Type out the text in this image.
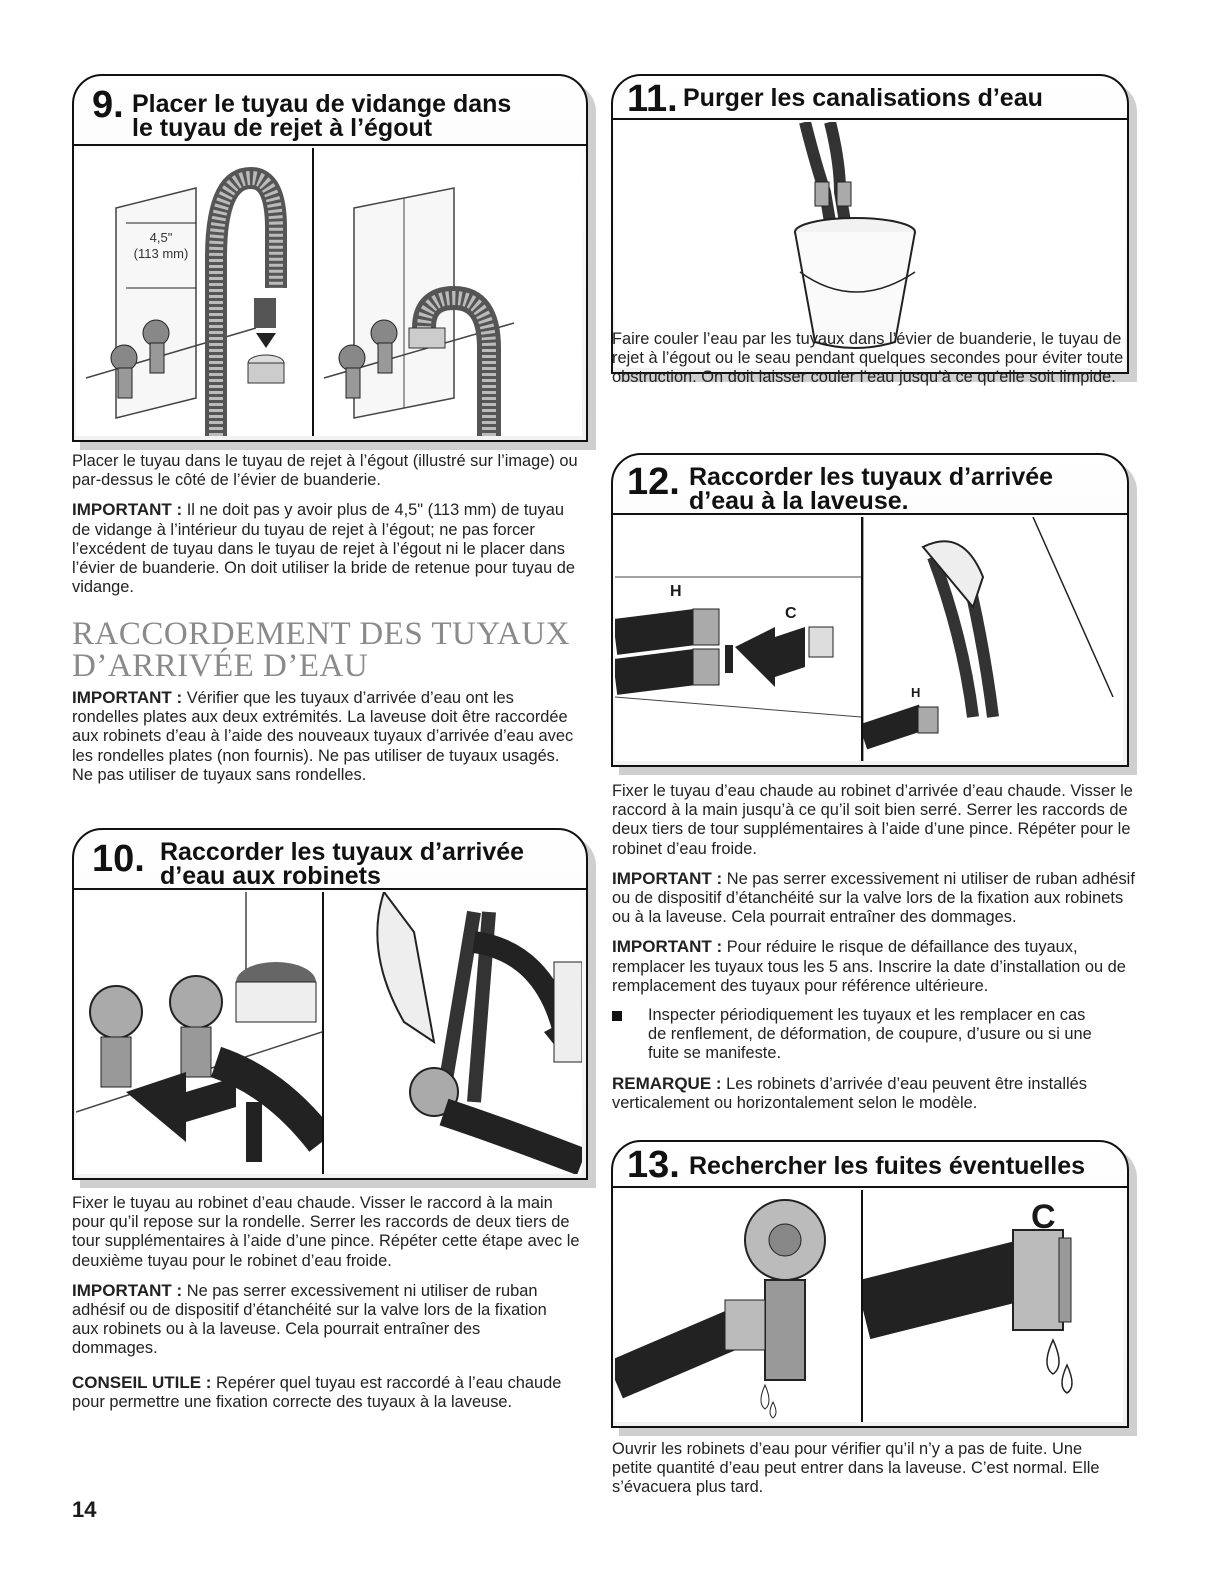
9. Placer le tuyau de vidange dans
le tuyau de rejet à l’égout
4,5"
(113 mm)

Placer le tuyau dans le tuyau de rejet à l’égout (illustré sur l’image) ou par-dessus le côté de l’évier de buanderie.

IMPORTANT : Il ne doit pas y avoir plus de 4,5" (113 mm) de tuyau de vidange à l’intérieur du tuyau de rejet à l’égout; ne pas forcer l’excédent de tuyau dans le tuyau de rejet à l’égout ni le placer dans l’évier de buanderie. On doit utiliser la bride de retenue pour tuyau de vidange.

RACCORDEMENT DES TUYAUX
D’ARRIVÉE D’EAU

IMPORTANT : Vérifier que les tuyaux d’arrivée d’eau ont les rondelles plates aux deux extrémités. La laveuse doit être raccordée aux robinets d’eau à l’aide des nouveaux tuyaux d’arrivée d’eau avec les rondelles plates (non fournis). Ne pas utiliser de tuyaux usagés. Ne pas utiliser de tuyaux sans rondelles.

10. Raccorder les tuyaux d’arrivée
d’eau aux robinets

Fixer le tuyau au robinet d’eau chaude. Visser le raccord à la main pour qu’il repose sur la rondelle. Serrer les raccords de deux tiers de tour supplémentaires à l’aide d’une pince. Répéter cette étape avec le deuxième tuyau pour le robinet d’eau froide.

IMPORTANT : Ne pas serrer excessivement ni utiliser de ruban adhésif ou de dispositif d’étanchéité sur la valve lors de la fixation aux robinets ou à la laveuse. Cela pourrait entraîner des dommages.

CONSEIL UTILE : Repérer quel tuyau est raccordé à l’eau chaude pour permettre une fixation correcte des tuyaux à la laveuse.

11. Purger les canalisations d’eau

Faire couler l’eau par les tuyaux dans l’évier de buanderie, le tuyau de rejet à l’égout ou le seau pendant quelques secondes pour éviter toute obstruction. On doit laisser couler l’eau jusqu’à ce qu’elle soit limpide.

12. Raccorder les tuyaux d’arrivée
d’eau à la laveuse.
H
C
H

Fixer le tuyau d’eau chaude au robinet d’arrivée d’eau chaude. Visser le raccord à la main jusqu’à ce qu’il soit bien serré. Serrer les raccords de deux tiers de tour supplémentaires à l’aide d’une pince. Répéter pour le robinet d’eau froide.

IMPORTANT : Ne pas serrer excessivement ni utiliser de ruban adhésif ou de dispositif d’étanchéité sur la valve lors de la fixation aux robinets ou à la laveuse. Cela pourrait entraîner des dommages.

IMPORTANT : Pour réduire le risque de défaillance des tuyaux, remplacer les tuyaux tous les 5 ans. Inscrire la date d’installation ou de remplacement des tuyaux pour référence ultérieure.

Inspecter périodiquement les tuyaux et les remplacer en cas de renflement, de déformation, de coupure, d’usure ou si une fuite se manifeste.

REMARQUE : Les robinets d’arrivée d’eau peuvent être installés verticalement ou horizontalement selon le modèle.

13. Rechercher les fuites éventuelles
C

Ouvrir les robinets d’eau pour vérifier qu’il n’y a pas de fuite. Une petite quantité d’eau peut entrer dans la laveuse. C’est normal. Elle s’évacuera plus tard.

14
